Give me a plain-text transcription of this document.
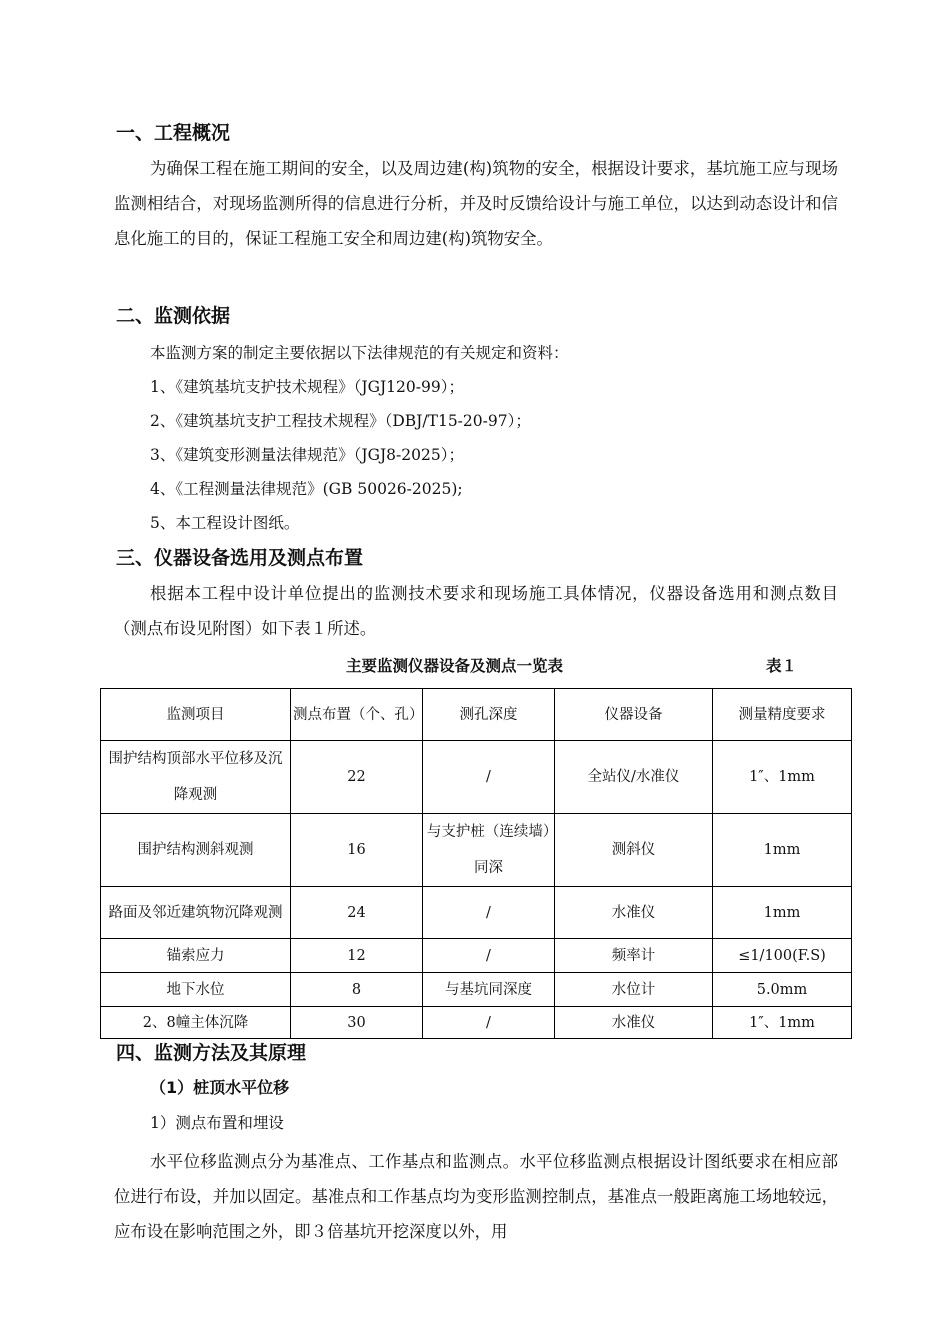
一、工程概况

为确保工程在施工期间的安全，以及周边建(构)筑物的安全，根据设计要求，基坑施工应与现场监测相结合，对现场监测所得的信息进行分析，并及时反馈给设计与施工单位，以达到动态设计和信息化施工的目的，保证工程施工安全和周边建(构)筑物安全。

二、监测依据

本监测方案的制定主要依据以下法律规范的有关规定和资料：

1、《建筑基坑支护技术规程》（JGJ120-99）；

2、《建筑基坑支护工程技术规程》（DBJ/T15-20-97）；

3、《建筑变形测量法律规范》（JGJ8-2025）；

4、《工程测量法律规范》(GB 50026-2025);

5、本工程设计图纸。

三、仪器设备选用及测点布置

根据本工程中设计单位提出的监测技术要求和现场施工具体情况，仪器设备选用和测点数目（测点布设见附图）如下表１所述。

主要监测仪器设备及测点一览表	表１
监测项目	测点布置（个、孔）	测孔深度	仪器设备	测量精度要求
围护结构顶部水平位移及沉降观测	22	/	全站仪/水准仪	1″、1mm
围护结构测斜观测	16	与支护桩（连续墙）同深	测斜仪	1mm
路面及邻近建筑物沉降观测	24	/	水准仪	1mm
锚索应力	12	/	频率计	≤1/100(F.S)
地下水位	8	与基坑同深度	水位计	5.0mm
2、8幢主体沉降	30	/	水准仪	1″、1mm
四、监测方法及其原理
（1）桩顶水平位移

1）测点布置和埋设

水平位移监测点分为基准点、工作基点和监测点。水平位移监测点根据设计图纸要求在相应部位进行布设，并加以固定。基准点和工作基点均为变形监测控制点，基准点一般距离施工场地较远，应布设在影响范围之外，即３倍基坑开挖深度以外，用
